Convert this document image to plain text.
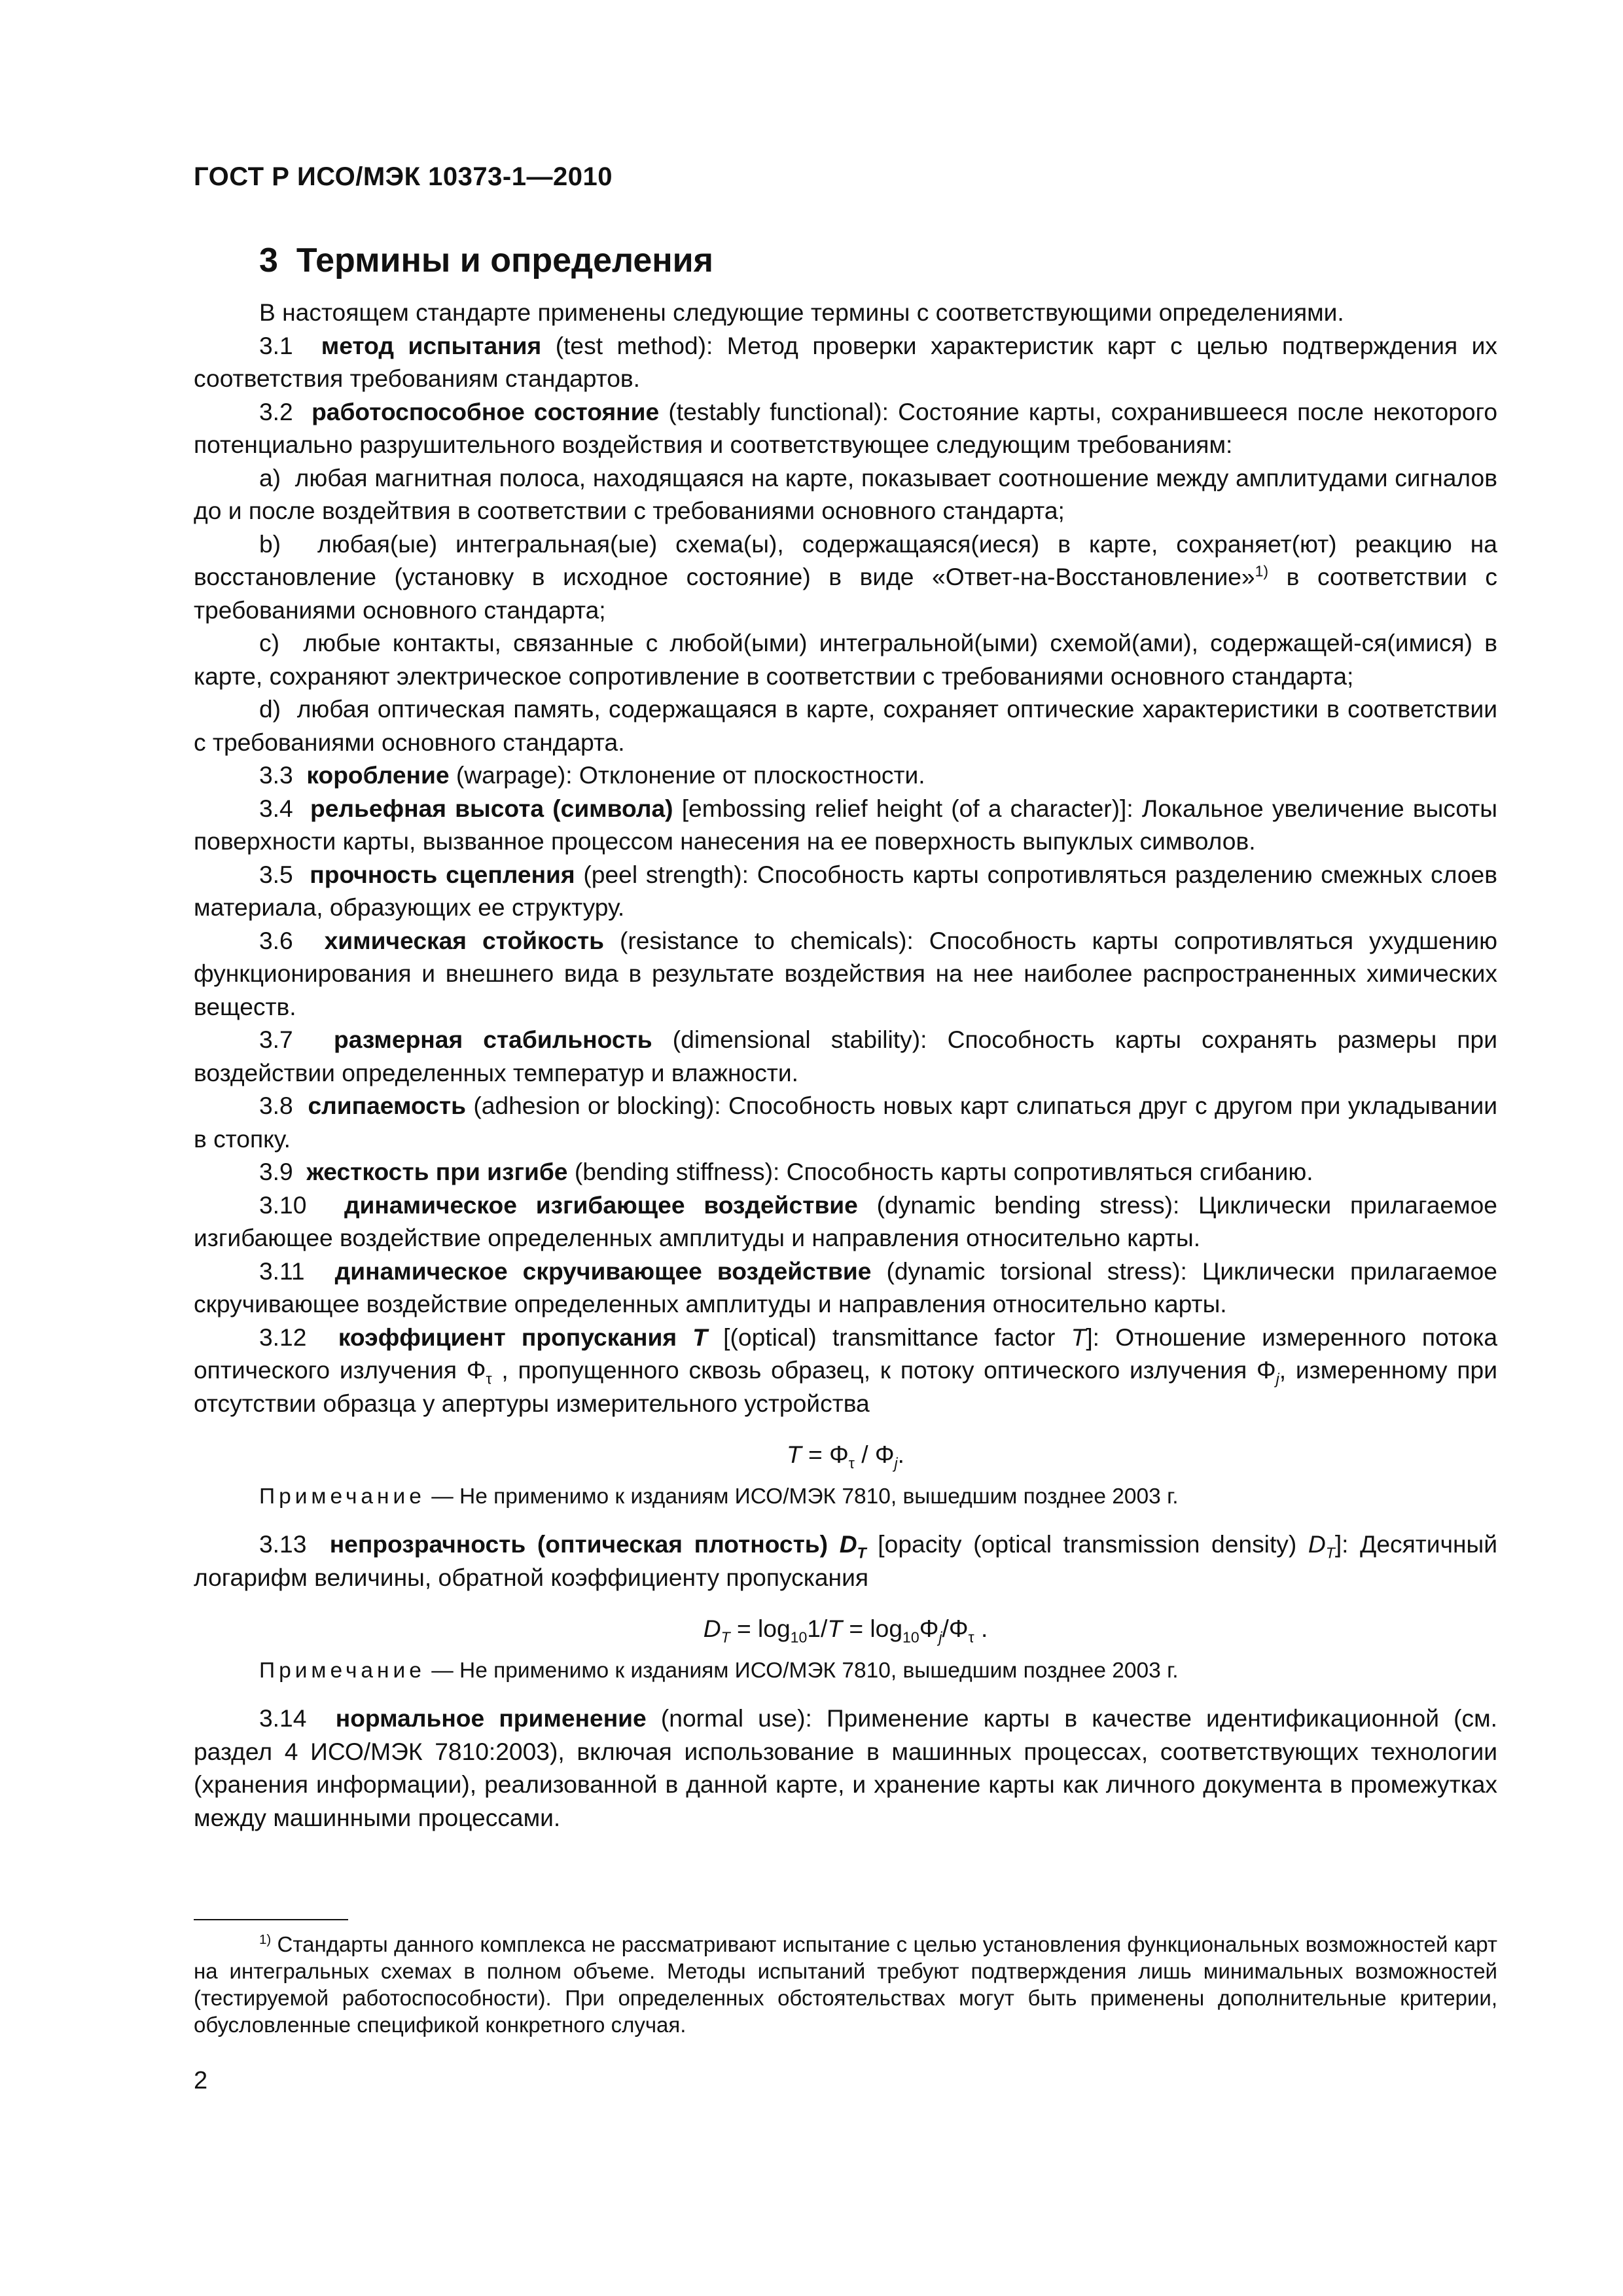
ГОСТ Р ИСО/МЭК 10373-1—2010
3 Термины и определения

В настоящем стандарте применены следующие термины с соответствующими определениями.

3.1 метод испытания (test method): Метод проверки характеристик карт с целью подтверждения их соответствия требованиям стандартов.

3.2 работоспособное состояние (testably functional): Состояние карты, сохранившееся после некоторого потенциально разрушительного воздействия и соответствующее следующим требованиям:

a) любая магнитная полоса, находящаяся на карте, показывает соотношение между амплитудами сигналов до и после воздейтвия в соответствии с требованиями основного стандарта;

b) любая(ые) интегральная(ые) схема(ы), содержащаяся(иеся) в карте, сохраняет(ют) реакцию на восстановление (установку в исходное состояние) в виде «Ответ-на-Восстановление»$^{1)}$ в соответствии с требованиями основного стандарта;

c) любые контакты, связанные с любой(ыми) интегральной(ыми) схемой(ами), содержащей-ся(имися) в карте, сохраняют электрическое сопротивление в соответствии с требованиями основного стандарта;

d) любая оптическая память, содержащаяся в карте, сохраняет оптические характеристики в соответствии с требованиями основного стандарта.

3.3 коробление (warpage): Отклонение от плоскостности.

3.4 рельефная высота (символа) [embossing relief height (of a character)]: Локальное увеличение высоты поверхности карты, вызванное процессом нанесения на ее поверхность выпуклых символов.

3.5 прочность сцепления (peel strength): Способность карты сопротивляться разделению смежных слоев материала, образующих ее структуру.

3.6 химическая стойкость (resistance to chemicals): Способность карты сопротивляться ухудшению функционирования и внешнего вида в результате воздействия на нее наиболее распространенных химических веществ.

3.7 размерная стабильность (dimensional stability): Способность карты сохранять размеры при воздействии определенных температур и влажности.

3.8 слипаемость (adhesion or blocking): Способность новых карт слипаться друг с другом при укладывании в стопку.

3.9 жесткость при изгибе (bending stiffness): Способность карты сопротивляться сгибанию.

3.10 динамическое изгибающее воздействие (dynamic bending stress): Циклически прилагаемое изгибающее воздействие определенных амплитуды и направления относительно карты.

3.11 динамическое скручивающее воздействие (dynamic torsional stress): Циклически прилагаемое скручивающее воздействие определенных амплитуды и направления относительно карты.

3.12 коэффициент пропускания T [(optical) transmittance factor T]: Отношение измеренного потока оптического излучения $\Phi_\tau$ , пропущенного сквозь образец, к потоку оптического излучения $\Phi_j$, измеренному при отсутствии образца у апертуры измерительного устройства

$T = \Phi_\tau / \Phi_j$.

Примечание — Не применимо к изданиям ИСО/МЭК 7810, вышедшим позднее 2003 г.

3.13 непрозрачность (оптическая плотность) $D_T$ [opacity (optical transmission density) $D_T$]: Десятичный логарифм величины, обратной коэффициенту пропускания

$D_T = \log_{10}1/T = \log_{10}\Phi_j/\Phi_\tau$ .

Примечание — Не применимо к изданиям ИСО/МЭК 7810, вышедшим позднее 2003 г.

3.14 нормальное применение (normal use): Применение карты в качестве идентификационной (см. раздел 4 ИСО/МЭК 7810:2003), включая использование в машинных процессах, соответствующих технологии (хранения информации), реализованной в данной карте, и хранение карты как личного документа в промежутках между машинными процессами.

$^{1)}$ Стандарты данного комплекса не рассматривают испытание с целью установления функциональных возможностей карт на интегральных схемах в полном объеме. Методы испытаний требуют подтверждения лишь минимальных возможностей (тестируемой работоспособности). При определенных обстоятельствах могут быть применены дополнительные критерии, обусловленные спецификой конкретного случая.
2
